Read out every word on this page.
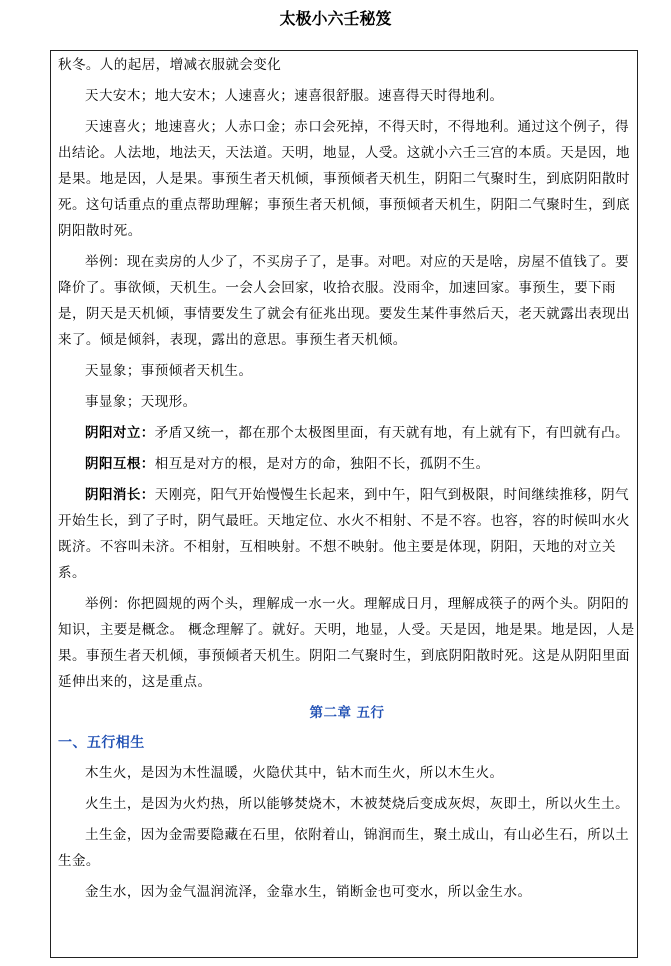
太极小六壬秘笈

秋冬。人的起居，增减衣服就会变化

天大安木；地大安木；人速喜火；速喜很舒服。速喜得天时得地利。

天速喜火；地速喜火；人赤口金；赤口会死掉，不得天时，不得地利。通过这个例子，得出结论。人法地，地法天，天法道。天明，地显，人受。这就小六壬三宫的本质。天是因，地是果。地是因，人是果。事预生者天机倾，事预倾者天机生，阴阳二气聚时生，到底阴阳散时死。这句话重点的重点帮助理解；事预生者天机倾，事预倾者天机生，阴阳二气聚时生，到底阴阳散时死。

举例：现在卖房的人少了，不买房子了，是事。对吧。对应的天是啥，房屋不值钱了。要降价了。事欲倾，天机生。一会人会回家，收拾衣服。没雨伞，加速回家。事预生，要下雨是，阴天是天机倾，事情要发生了就会有征兆出现。要发生某件事然后天，老天就露出表现出来了。倾是倾斜，表现，露出的意思。事预生者天机倾。

天显象；事预倾者天机生。

事显象；天现形。

阴阳对立：矛盾又统一，都在那个太极图里面，有天就有地，有上就有下，有凹就有凸。

阴阳互根：相互是对方的根，是对方的命，独阳不长，孤阴不生。

阴阳消长：天刚亮，阳气开始慢慢生长起来，到中午，阳气到极限，时间继续推移，阴气开始生长，到了子时，阴气最旺。天地定位、水火不相射、不是不容。也容，容的时候叫水火既济。不容叫未济。不相射，互相映射。不想不映射。他主要是体现，阴阳，天地的对立关系。

举例：你把圆规的两个头，理解成一水一火。理解成日月，理解成筷子的两个头。阴阳的知识，主要是概念。 概念理解了。就好。天明，地显，人受。天是因，地是果。地是因，人是果。事预生者天机倾，事预倾者天机生。阴阳二气聚时生，到底阴阳散时死。这是从阴阳里面延伸出来的，这是重点。

第二章 五行
一、五行相生

木生火，是因为木性温暖，火隐伏其中，钻木而生火，所以木生火。

火生土，是因为火灼热，所以能够焚烧木，木被焚烧后变成灰烬，灰即土，所以火生土。

土生金，因为金需要隐藏在石里，依附着山，锦润而生，聚土成山，有山必生石，所以土生金。

金生水，因为金气温润流泽，金靠水生，销断金也可变水，所以金生水。
